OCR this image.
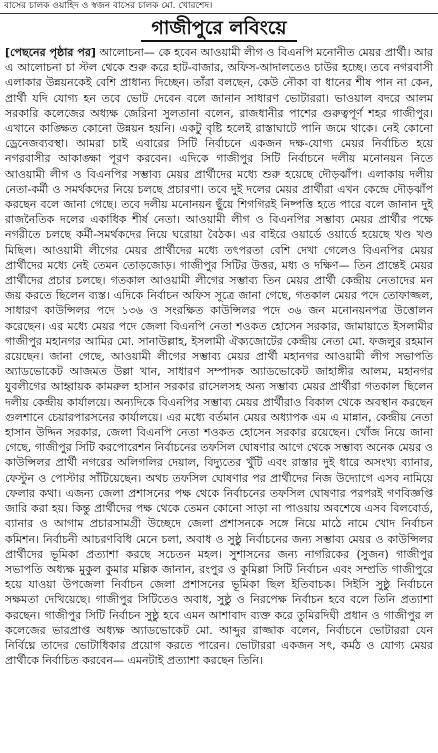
বাসের চালক ওয়াহিদ ও স্বজন বাসের চালক মো. খোরশেদ।
গাজীপুরে লবিংয়ে
[পেছনের পৃষ্ঠার পর] আলোচনা— কে হবেন আওয়ামী লীগ ও বিএনপি মনোনীত মেয়র প্রার্থী। আর এ আলোচনা চা স্টল থেকে শুরু করে হাট-বাজার, অফিস-আদালতেও চাউর হচ্ছে। তবে নগরবাসী এলাকার উন্নয়নকেই বেশি প্রাধান্য দিচ্ছেন। তাঁরা বলছেন, কেউ নৌকা বা ধানের শীষ পান না কেন, প্রার্থী যদি যোগ্য হন তবে ভোট দেবেন বলে জানান সাধারণ ভোটাররা। ভাওয়াল বদরে আলম সরকারি কলেজের অধ্যক্ষ জেরিনা সুলতানা বলেন, রাজধানীর পাশের গুরুত্বপূর্ণ শহর গাজীপুর। এখানে কাঙ্ক্ষিত কোনো উন্নয়ন হয়নি। একটু বৃষ্টি হলেই রাস্তাঘাটে পানি জমে থাকে। নেই কোনো ড্রেনেজব্যবস্থা। আমরা চাই এবারের সিটি নির্বাচনে একজন দক্ষ-যোগ্য মেয়র নির্বাচিত হয়ে নগরবাসীর আকাঙ্ক্ষা পূরণ করবেন। এদিকে গাজীপুর সিটি নির্বাচনে দলীয় মনোনয়ন নিতে আওয়ামী লীগ ও বিএনপির সম্ভাব্য মেয়র প্রার্থীদের মধ্যে শুরু হয়েছে দৌড়ঝাঁপ। এলাকায় দলীয় নেতা-কর্মী ও সমর্থকদের নিয়ে চলছে প্রচারণা। তবে দুই দলের মেয়র প্রার্থীরা এখন কেন্দ্রে দৌড়ঝাঁপ করছেন বলে জানা গেছে। তবে দলীয় মনোনয়ন ছুঁয়ে শিগগিরই নিষ্পত্তি হতে পারে বলে জানান দুই রাজনৈতিক দলের একাধিক শীর্ষ নেতা। আওয়ামী লীগ ও বিএনপির সম্ভাব্য মেয়র প্রার্থীর পক্ষে নগরীতে চলছে কর্মী-সমর্থকদের নিয়ে ঘরোয়া বৈঠক। এর বাইরে ওয়ার্ডে ওয়ার্ডে হয়েছে খণ্ড খণ্ড মিছিল। আওয়ামী লীগের মেয়র প্রার্থীদের মধ্যে তৎপরতা বেশি দেখা গেলেও বিএনপির মেয়র প্রার্থীদের মধ্যে নেই তেমন তোড়জোড়। গাজীপুর সিটির উত্তর, মধ্য ও দক্ষিণ— তিন প্রান্তেই মেয়র প্রার্থীদের প্রচার চলছে। গতকাল আওয়ামী লীগের সম্ভাব্য তিন মেয়র প্রার্থী কেন্দ্রীয় নেতাদের মন জয় করতে ছিলেন ব্যস্ত। এদিকে নির্বাচন অফিস সূত্রে জানা গেছে, গতকাল মেয়র পদে তোফাজ্জল, সাধারণ কাউন্সিলর পদে ১৩৬ ও সংরক্ষিত কাউন্সিলর পদে ৩৬ জন মনোনয়নপত্র উত্তোলন করেছেন। এর মধ্যে মেয়র পদে জেলা বিএনপি নেতা শওকত হোসেন সরকার, জামায়াতে ইসলামীর গাজীপুর মহানগর আমির মো. সানাউল্লাহ, ইসলামী ঐক্যজোটের কেন্দ্রীয় নেতা মো. ফজলুর রহমান রয়েছেন। জানা গেছে, আওয়ামী লীগের সম্ভাব্য মেয়র প্রার্থী মহানগর আওয়ামী লীগ সভাপতি অ্যাডভোকেট আজমত উল্লা খান, সাধারণ সম্পাদক অ্যাডভোকেট জাহাঙ্গীর আলম, মহানগর যুবলীগের আহ্বায়ক কামরুল হাসান সরকার রাসেলসহ অন্য সম্ভাব্য মেয়র প্রার্থীরা গতকাল ছিলেন দলীয় কেন্দ্রীয় কার্যালয়ে। অন্যদিকে বিএনপির সম্ভাব্য মেয়র প্রার্থীরাও বিকাল থেকে অবস্থান করছেন গুলশানে চেয়ারপারসনের কার্যালয়ে। এর মধ্যে বর্তমান মেয়র অধ্যাপক এম এ মান্নান, কেন্দ্রীয় নেতা হাসান উদ্দিন সরকার, জেলা বিএনপি নেতা শওকত হোসেন সরকার রয়েছেন। খোঁজ নিয়ে জানা গেছে, গাজীপুর সিটি করপোরেশন নির্বাচনের তফসিল ঘোষণার আগে থেকে সম্ভাব্য অনেক মেয়র ও কাউন্সিলর প্রার্থী নগরের অলিগলির দেয়াল, বিদ্যুতের খুঁটি এবং রাস্তার দুই ধারে অসংখ্য ব্যানার, ফেস্টুন ও পোস্টার সাঁটিয়েছেন। অথচ তফসিল ঘোষণার পর প্রার্থীদের নিজ উদ্যোগে এসব নামিয়ে ফেলার কথা। এজন্য জেলা প্রশাসনের পক্ষ থেকে নির্বাচনের তফসিল ঘোষণার পরপরই গণবিজ্ঞপ্তি জারি করা হয়। কিন্তু প্রার্থীদের পক্ষ থেকে তেমন কোনো সাড়া না পাওয়ায় অবশেষে এসব বিলবোর্ড, ব্যানার ও আগাম প্রচারসামগ্রী উচ্ছেদে জেলা প্রশাসনকে সঙ্গে নিয়ে মাঠে নামে খোদ নির্বাচন কমিশন। নির্বাচনী আচরণবিধি মেনে চলা, অবাধ ও সুষ্ঠু নির্বাচনের জন্য সম্ভাব্য মেয়র ও কাউন্সিলর প্রার্থীদের ভূমিকা প্রত্যাশা করছে সচেতন মহল। সুশাসনের জন্য নাগরিকের (সুজন) গাজীপুর সভাপতি অধ্যক্ষ মুকুল কুমার মল্লিক জানান, রংপুর ও কুমিল্লা সিটি নির্বাচন এবং সম্প্রতি গাজীপুরে হয়ে যাওয়া উপজেলা নির্বাচন জেলা প্রশাসনের ভূমিকা ছিল ইতিবাচক। সিইসি সুষ্ঠু নির্বাচনে সক্ষমতা দেখিয়েছে। গাজীপুর সিটিতেও অবাধ, সুষ্ঠু ও নিরপেক্ষ নির্বাচন হবে বলে তিনি প্রত্যাশা করছেন। গাজীপুর সিটি নির্বাচন সুষ্ঠু হবে এমন আশাবাদ ব্যক্ত করে তুমিরদিঘী প্রধান ও গাজীপুর ল কলেজের ভারপ্রাপ্ত অধ্যক্ষ অ্যাডভোকেট মো. আব্দুর রাজ্জাক বলেন, নির্বাচনে ভোটাররা যেন নির্বিঘ্নে তাদের ভোটাধিকার প্রয়োগ করতে পারেন। ভোটাররা একজন সৎ, কর্মঠ ও যোগ্য মেয়র প্রার্থীকে নির্বাচিত করবেন— এমনটাই প্রত্যাশা করছেন তিনি।
